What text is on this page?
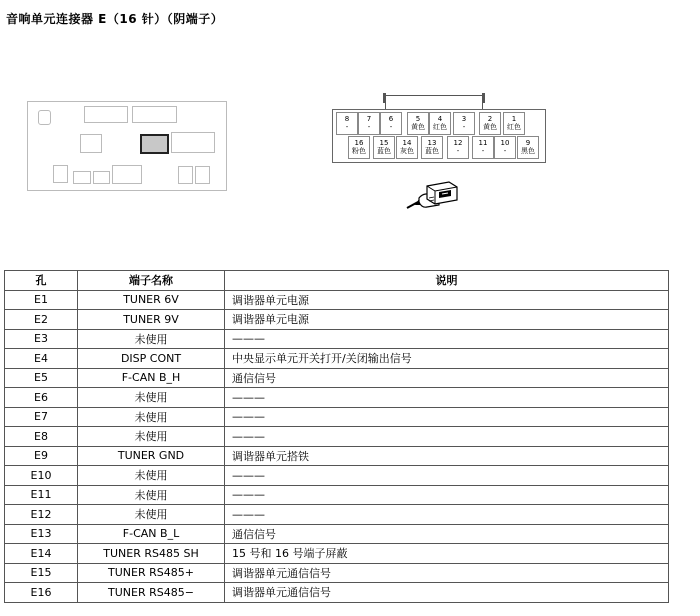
音响单元连接器 E（16 针）（阴端子）
8
-
7
-
6
-
5
黄色
4
红色
3
-
2
黄色
1
红色
16
粉色
15
蓝色
14
灰色
13
蓝色
12
-
11
-
10
-
9
黑色
孔	端子名称	说明
E1	TUNER 6V	调谐器单元电源
E2	TUNER 9V	调谐器单元电源
E3	未使用	———
E4	DISP CONT	中央显示单元开关打开/关闭输出信号
E5	F-CAN B_H	通信信号
E6	未使用	———
E7	未使用	———
E8	未使用	———
E9	TUNER GND	调谐器单元搭铁
E10	未使用	———
E11	未使用	———
E12	未使用	———
E13	F-CAN B_L	通信信号
E14	TUNER RS485 SH	15 号和 16 号端子屏蔽
E15	TUNER RS485+	调谐器单元通信信号
E16	TUNER RS485−	调谐器单元通信信号
